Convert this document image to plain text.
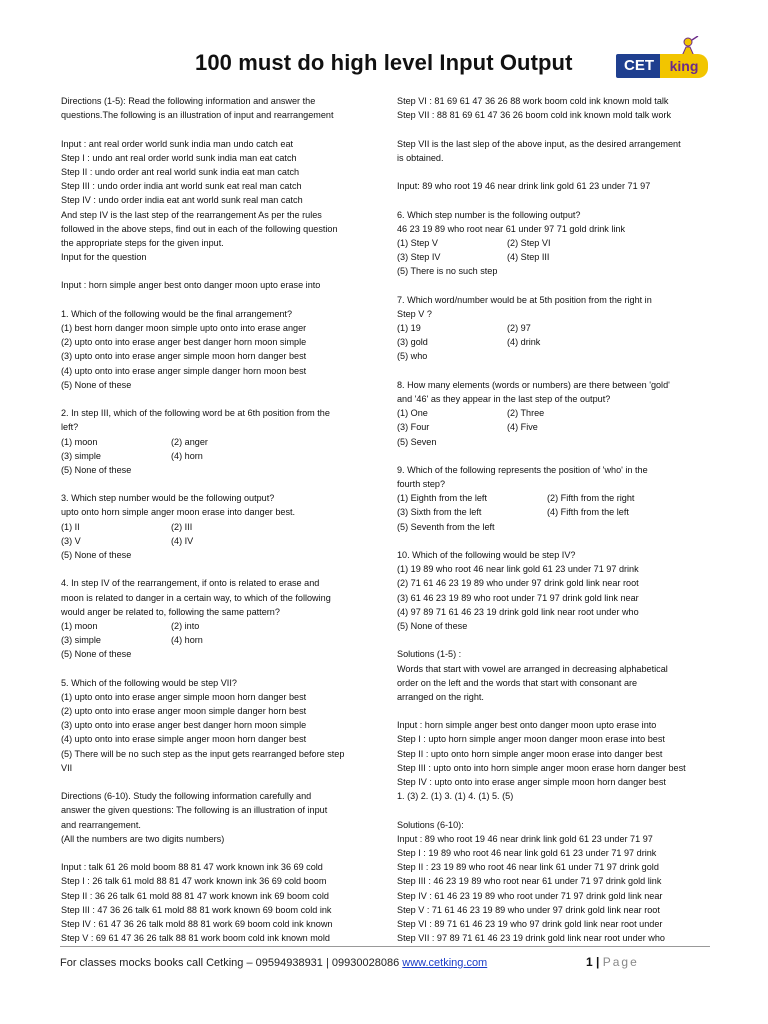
100 must do high level Input Output	CET	king
Directions (1-5): Read the following information and answer the
questions.The following is an illustration of input and rearrangement
Input : ant real order world sunk india man undo catch eat
Step I : undo ant real order world sunk india man eat catch
Step II : undo order ant real world sunk india eat man catch
Step III : undo order india ant world sunk eat real man catch
Step IV : undo order india eat ant world sunk real man catch
And step IV is the last step of the rearrangement As per the rules
followed in the above steps, find out in each of the following question
the appropriate steps for the given input.
Input for the question
Input : horn simple anger best onto danger moon upto erase into
1. Which of the following would be the final arrangement?
(1) best horn danger moon simple upto onto into erase anger
(2) upto onto into erase anger best danger horn moon simple
(3) upto onto into erase anger simple moon horn danger best
(4) upto onto into erase anger simple danger horn moon best
(5) None of these
2. In step III, which of the following word be at 6th position from the
left?
(1) moon	(2) anger
(3) simple	(4) horn
(5) None of these
3. Which step number would be the following output?
upto onto horn simple anger moon erase into danger best.
(1) II	(2) III
(3) V	(4) IV
(5) None of these
4. In step IV of the rearrangement, if onto is related to erase and
moon is related to danger in a certain way, to which of the following
would anger be related to, following the same pattern?
(1) moon	(2) into
(3) simple	(4) horn
(5) None of these
5. Which of the following would be step VII?
(1) upto onto into erase anger simple moon horn danger best
(2) upto onto into erase anger moon simple danger horn best
(3) upto onto into erase anger best danger horn moon simple
(4) upto onto into erase simple anger moon horn danger best
(5) There will be no such step as the input gets rearranged before step
VII
Directions (6-10). Study the following information carefully and
answer the given questions: The following is an illustration of input
and rearrangement.
(All the numbers are two digits numbers)
Input : talk 61 26 mold boom 88 81 47 work known ink 36 69 cold
Step I : 26 talk 61 mold 88 81 47 work known ink 36 69 cold boom
Step II : 36 26 talk 61 mold 88 81 47 work known ink 69 boom cold
Step III : 47 36 26 talk 61 mold 88 81 work known 69 boom cold ink
Step IV : 61 47 36 26 talk mold 88 81 work 69 boom cold ink known
Step V : 69 61 47 36 26 talk 88 81 work boom cold ink known mold
Step VI : 81 69 61 47 36 26 88 work boom cold ink known mold talk
Step VII : 88 81 69 61 47 36 26 boom cold ink known mold talk work
Step VII is the last slep of the above input, as the desired arrangement
is obtained.
Input: 89 who root 19 46 near drink link gold 61 23 under 71 97
6. Which step number is the following output?
46 23 19 89 who root near 61 under 97 71 gold drink link
(1) Step V	(2) Step VI
(3) Step IV	(4) Step III
(5) There is no such step
7. Which word/number would be at 5th position from the right in
Step V ?
(1) 19	(2) 97
(3) gold	(4) drink
(5) who
8. How many elements (words or numbers) are there between 'gold'
and '46' as they appear in the last step of the output?
(1) One	(2) Three
(3) Four	(4) Five
(5) Seven
9. Which of the following represents the position of 'who' in the
fourth step?
(1) Eighth from the left	(2) Fifth from the right
(3) Sixth from the left	(4) Fifth from the left
(5) Seventh from the left
10. Which of the following would be step IV?
(1) 19 89 who root 46 near link gold 61 23 under 71 97 drink
(2) 71 61 46 23 19 89 who under 97 drink gold link near root
(3) 61 46 23 19 89 who root under 71 97 drink gold link near
(4) 97 89 71 61 46 23 19 drink gold link near root under who
(5) None of these
Solutions (1-5) :
Words that start with vowel are arranged in decreasing alphabetical
order on the left and the words that start with consonant are
arranged on the right.
Input : horn simple anger best onto danger moon upto erase into
Step I : upto horn simple anger moon danger moon erase into best
Step II : upto onto horn simple anger moon erase into danger best
Step III : upto onto into horn simple anger moon erase horn danger best
Step IV : upto onto into erase anger simple moon horn danger best
1. (3) 2. (1) 3. (1) 4. (1) 5. (5)
Solutions (6-10):
Input : 89 who root 19 46 near drink link gold 61 23 under 71 97
Step I : 19 89 who root 46 near link gold 61 23 under 71 97 drink
Step II : 23 19 89 who root 46 near link 61 under 71 97 drink gold
Step III : 46 23 19 89 who root near 61 under 71 97 drink gold link
Step IV : 61 46 23 19 89 who root under 71 97 drink gold link near
Step V : 71 61 46 23 19 89 who under 97 drink gold link near root
Step VI : 89 71 61 46 23 19 who 97 drink gold link near root under
Step VII : 97 89 71 61 46 23 19 drink gold link near root under who
For classes mocks books call Cetking – 09594938931 | 09930028086 www.cetking.com	1 | Page
